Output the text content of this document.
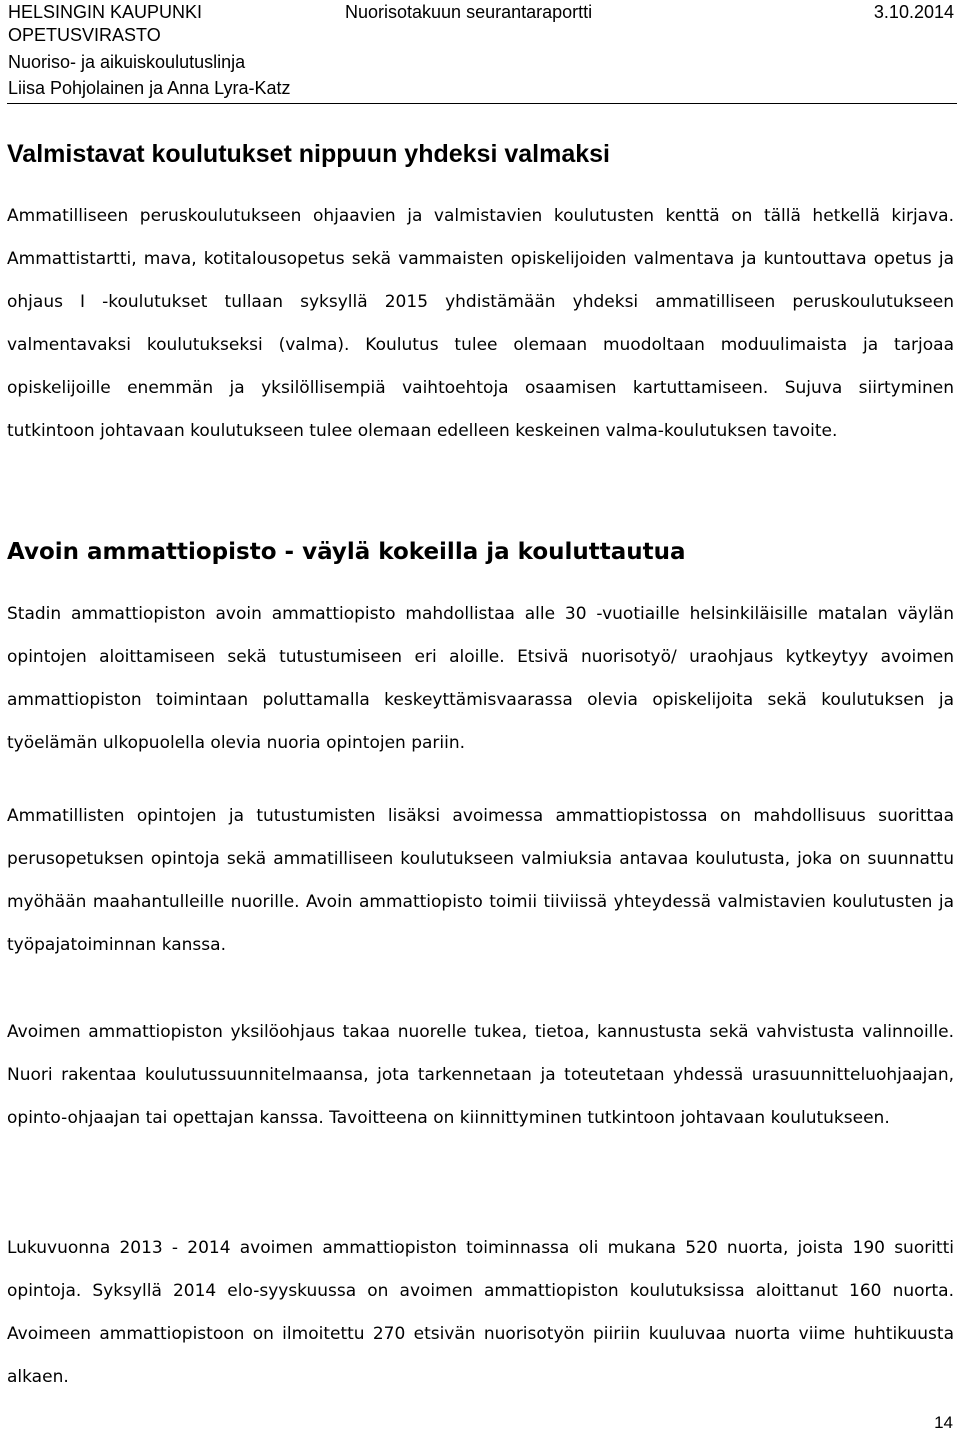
HELSINGIN KAUPUNKI
OPETUSVIRASTO
Nuoriso- ja aikuiskoulutuslinja
Liisa Pohjolainen ja Anna Lyra-Katz
Nuorisotakuun seurantaraportti	3.10.2014
Valmistavat koulutukset nippuun yhdeksi valmaksi

Ammatilliseen peruskoulutukseen ohjaavien ja valmistavien koulutusten kenttä on tällä hetkellä kirjava. Ammattistartti, mava, kotitalousopetus sekä vammaisten opiskelijoiden valmentava ja kuntouttava opetus ja ohjaus I -koulutukset tullaan syksyllä 2015 yhdistämään yhdeksi ammatilliseen peruskoulutukseen valmentavaksi koulutukseksi (valma). Koulutus tulee olemaan muodoltaan moduulimaista ja tarjoaa opiskelijoille enemmän ja yksilöllisempiä vaihtoehtoja osaamisen kartuttamiseen. Sujuva siirtyminen tutkintoon johtavaan koulutukseen tulee olemaan edelleen keskeinen valma-koulutuksen tavoite.

Avoin ammattiopisto - väylä kokeilla ja kouluttautua

Stadin ammattiopiston avoin ammattiopisto mahdollistaa alle 30 -vuotiaille helsinkiläisille matalan väylän opintojen aloittamiseen sekä tutustumiseen eri aloille. Etsivä nuorisotyö/ uraohjaus kytkeytyy avoimen ammattiopiston toimintaan poluttamalla keskeyttämisvaarassa olevia opiskelijoita sekä koulutuksen ja työelämän ulkopuolella olevia nuoria opintojen pariin.

Ammatillisten opintojen ja tutustumisten lisäksi avoimessa ammattiopistossa on mahdollisuus suorittaa perusopetuksen opintoja sekä ammatilliseen koulutukseen valmiuksia antavaa koulutusta, joka on suunnattu myöhään maahantulleille nuorille. Avoin ammattiopisto toimii tiiviissä yhteydessä valmistavien koulutusten ja työpajatoiminnan kanssa.

Avoimen ammattiopiston yksilöohjaus takaa nuorelle tukea, tietoa, kannustusta sekä vahvistusta valinnoille. Nuori rakentaa koulutussuunnitelmaansa, jota tarkennetaan ja toteutetaan yhdessä urasuunnitteluohjaajan, opinto-ohjaajan tai opettajan kanssa. Tavoitteena on kiinnittyminen tutkintoon johtavaan koulutukseen.

Lukuvuonna 2013 - 2014 avoimen ammattiopiston toiminnassa oli mukana 520 nuorta, joista 190 suoritti opintoja. Syksyllä 2014 elo-syyskuussa on avoimen ammattiopiston koulutuksissa aloittanut 160 nuorta. Avoimeen ammattiopistoon on ilmoitettu 270 etsivän nuorisotyön piiriin kuuluvaa nuorta viime huhtikuusta alkaen.

14
